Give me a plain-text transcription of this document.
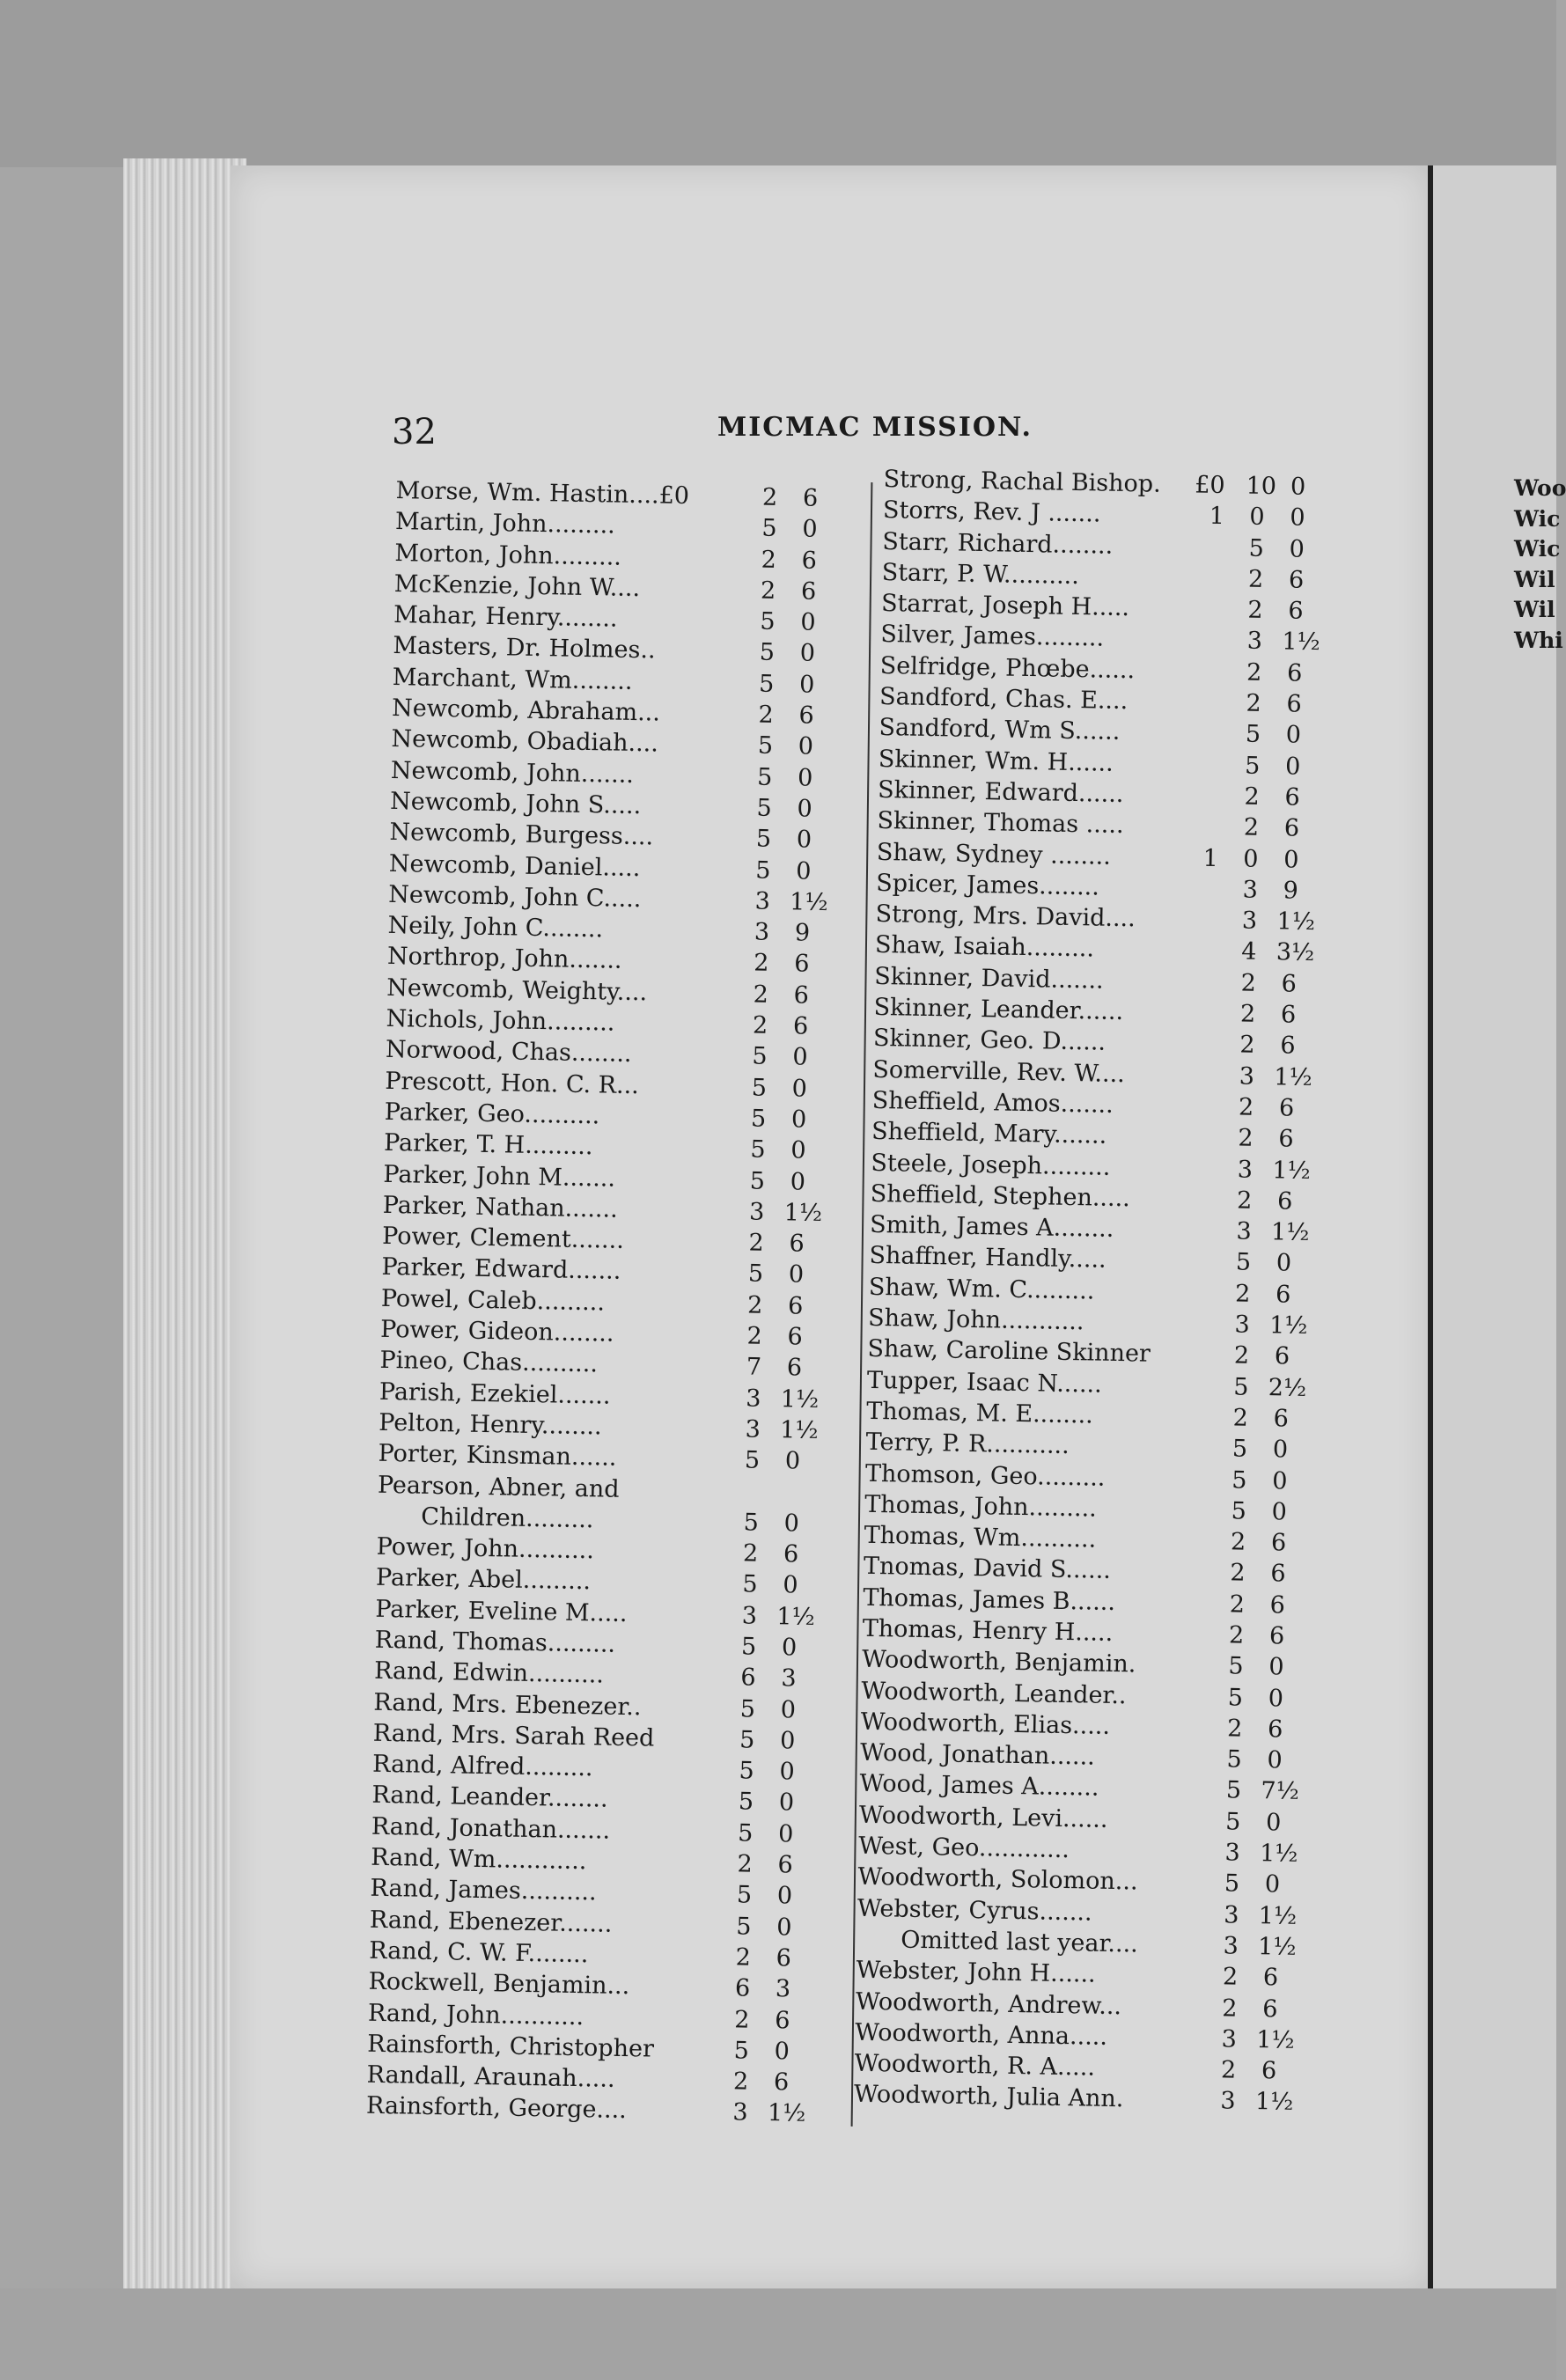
Woo
Wic
Wic
Wil
Wil
Whi
32	MICMAC MISSION.
Morse, Wm. Hastin....£0	2 6
Martin, John.........	5 0
Morton, John.........	2 6
McKenzie, John W....	2 6
Mahar, Henry........	5 0
Masters, Dr. Holmes..	5 0
Marchant, Wm........	5 0
Newcomb, Abraham...	2 6
Newcomb, Obadiah....	5 0
Newcomb, John.......	5 0
Newcomb, John S.....	5 0
Newcomb, Burgess....	5 0
Newcomb, Daniel.....	5 0
Newcomb, John C.....	3 1½
Neily, John C........	3 9
Northrop, John.......	2 6
Newcomb, Weighty....	2 6
Nichols, John.........	2 6
Norwood, Chas........	5 0
Prescott, Hon. C. R...	5 0
Parker, Geo..........	5 0
Parker, T. H.........	5 0
Parker, John M.......	5 0
Parker, Nathan.......	3 1½
Power, Clement.......	2 6
Parker, Edward.......	5 0
Powel, Caleb.........	2 6
Power, Gideon........	2 6
Pineo, Chas..........	7 6
Parish, Ezekiel.......	3 1½
Pelton, Henry........	3 1½
Porter, Kinsman......	5 0
Pearson, Abner, and
Children.........	5 0
Power, John..........	2 6
Parker, Abel.........	5 0
Parker, Eveline M.....	3 1½
Rand, Thomas.........	5 0
Rand, Edwin..........	6 3
Rand, Mrs. Ebenezer..	5 0
Rand, Mrs. Sarah Reed	5 0
Rand, Alfred.........	5 0
Rand, Leander........	5 0
Rand, Jonathan.......	5 0
Rand, Wm............	2 6
Rand, James..........	5 0
Rand, Ebenezer.......	5 0
Rand, C. W. F........	2 6
Rockwell, Benjamin...	6 3
Rand, John...........	2 6
Rainsforth, Christopher	5 0
Randall, Araunah.....	2 6
Rainsforth, George....	3 1½
Strong, Rachal Bishop.	£0 10 0
Storrs, Rev. J .......	1 0 0
Starr, Richard........	5 0
Starr, P. W..........	2 6
Starrat, Joseph H.....	2 6
Silver, James.........	3 1½
Selfridge, Phœbe......	2 6
Sandford, Chas. E....	2 6
Sandford, Wm S......	5 0
Skinner, Wm. H......	5 0
Skinner, Edward......	2 6
Skinner, Thomas .....	2 6
Shaw, Sydney ........	1 0 0
Spicer, James........	3 9
Strong, Mrs. David....	3 1½
Shaw, Isaiah.........	4 3½
Skinner, David.......	2 6
Skinner, Leander......	2 6
Skinner, Geo. D......	2 6
Somerville, Rev. W....	3 1½
Sheffield, Amos.......	2 6
Sheffield, Mary.......	2 6
Steele, Joseph.........	3 1½
Sheffield, Stephen.....	2 6
Smith, James A........	3 1½
Shaffner, Handly.....	5 0
Shaw, Wm. C.........	2 6
Shaw, John...........	3 1½
Shaw, Caroline Skinner	2 6
Tupper, Isaac N......	5 2½
Thomas, M. E........	2 6
Terry, P. R...........	5 0
Thomson, Geo.........	5 0
Thomas, John.........	5 0
Thomas, Wm..........	2 6
Tnomas, David S......	2 6
Thomas, James B......	2 6
Thomas, Henry H.....	2 6
Woodworth, Benjamin.	5 0
Woodworth, Leander..	5 0
Woodworth, Elias.....	2 6
Wood, Jonathan......	5 0
Wood, James A........	5 7½
Woodworth, Levi......	5 0
West, Geo............	3 1½
Woodworth, Solomon...	5 0
Webster, Cyrus.......	3 1½
Omitted last year....	3 1½
Webster, John H......	2 6
Woodworth, Andrew...	2 6
Woodworth, Anna.....	3 1½
Woodworth, R. A.....	2 6
Woodworth, Julia Ann.	3 1½
